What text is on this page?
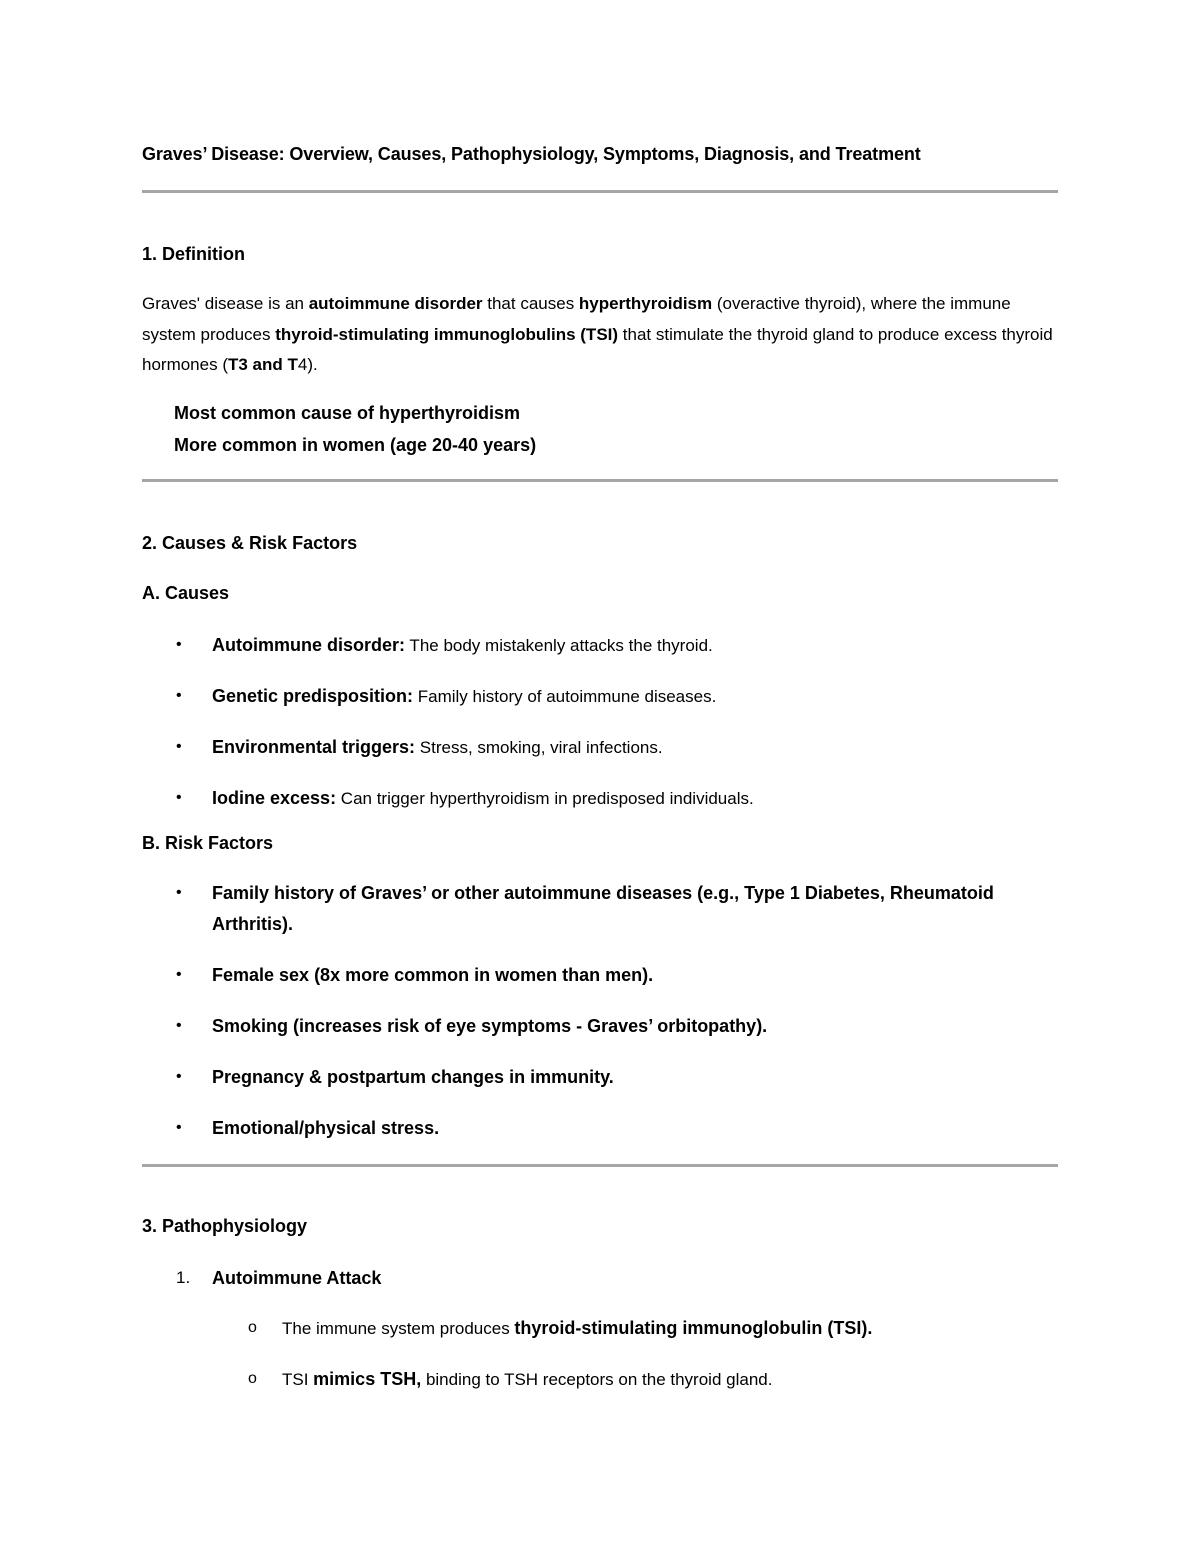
Graves’ Disease: Overview, Causes, Pathophysiology, Symptoms, Diagnosis, and Treatment

1. Definition

Graves' disease is an autoimmune disorder that causes hyperthyroidism (overactive thyroid), where the immune system produces thyroid-stimulating immunoglobulins (TSI) that stimulate the thyroid gland to produce excess thyroid hormones (T3 and T4).

Most common cause of hyperthyroidism

More common in women (age 20-40 years)

2. Causes & Risk Factors

A. Causes

• Autoimmune disorder: The body mistakenly attacks the thyroid.
• Genetic predisposition: Family history of autoimmune diseases.
• Environmental triggers: Stress, smoking, viral infections.
• Iodine excess: Can trigger hyperthyroidism in predisposed individuals.

B. Risk Factors

• Family history of Graves’ or other autoimmune diseases (e.g., Type 1 Diabetes, Rheumatoid Arthritis).
• Female sex (8x more common in women than men).
• Smoking (increases risk of eye symptoms - Graves’ orbitopathy).
• Pregnancy & postpartum changes in immunity.
• Emotional/physical stress.

3. Pathophysiology

1. Autoimmune Attack
o The immune system produces thyroid-stimulating immunoglobulin (TSI).
o TSI mimics TSH, binding to TSH receptors on the thyroid gland.
